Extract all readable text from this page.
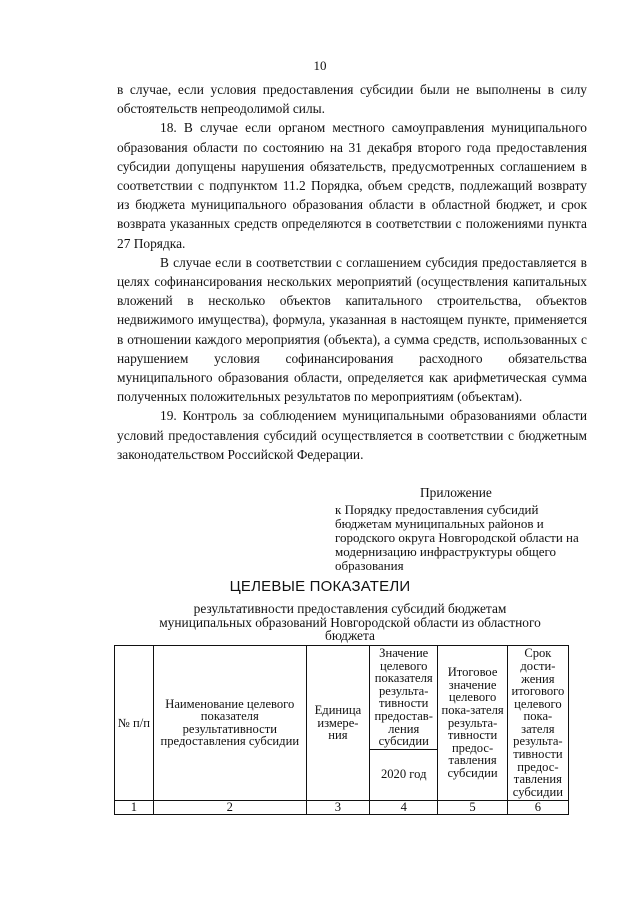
10

в случае, если условия предоставления субсидии были не выполнены в силу обстоятельств непреодолимой силы.

18. В случае если органом местного самоуправления муниципального образования области по состоянию на 31 декабря второго года предоставления субсидии допущены нарушения обязательств, предусмотренных соглашением в соответствии с подпунктом 11.2 Порядка, объем средств, подлежащий возврату из бюджета муниципального образования области в областной бюджет, и срок возврата указанных средств определяются в соответствии с положениями пункта 27 Порядка.

В случае если в соответствии с соглашением субсидия предоставляется в целях софинансирования нескольких мероприятий (осуществления капитальных вложений в несколько объектов капитального строительства, объектов недвижимого имущества), формула, указанная в настоящем пункте, применяется в отношении каждого мероприятия (объекта), а сумма средств, использованных с нарушением условия софинансирования расходного обязательства муниципального образования области, определяется как арифметическая сумма полученных положительных результатов по мероприятиям (объектам).

19. Контроль за соблюдением муниципальными образованиями области условий предоставления субсидий осуществляется в соответствии с бюджетным законодательством Российской Федерации.

Приложение
к Порядку предоставления субсидий бюджетам муниципальных районов и городского округа Новгородской области на модернизацию инфраструктуры общего образования
ЦЕЛЕВЫЕ ПОКАЗАТЕЛИ
результативности предоставления субсидий бюджетам муниципальных образований Новгородской области из областного бюджета
№ п/п	Наименование целевого показателя результативности предоставления субсидии	Единица измере-ния	Значение целевого показателя результа-тивности предостав-ления субсидии	Итоговое значение целевого пока-зателя результа-тивности предос-тавления субсидии	Срок дости-жения итогового целевого пока-зателя результа-тивности предос-тавления субсидии
			2020 год		
1	2	3	4	5	6
